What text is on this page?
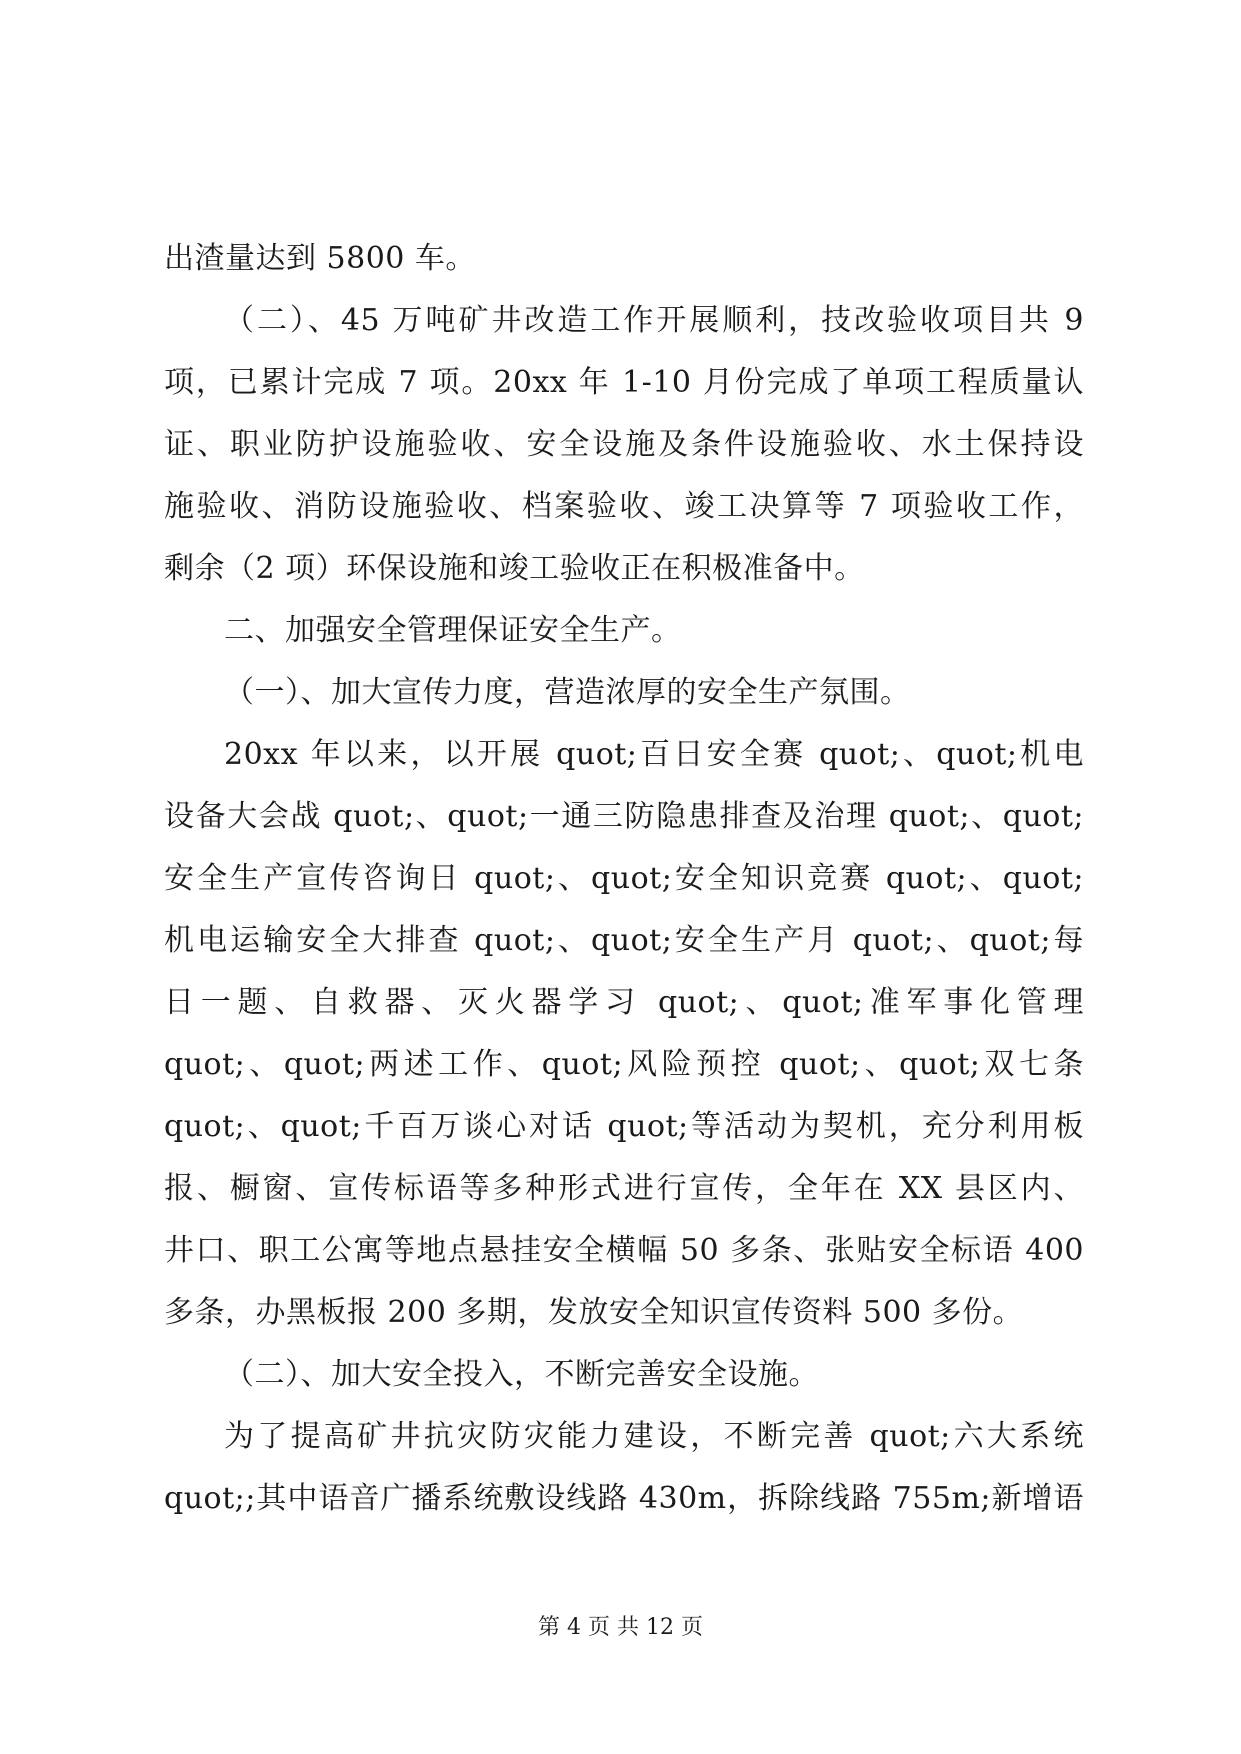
出渣量达到 5800 车。
（二）、45 万吨矿井改造工作开展顺利，技改验收项目共 9
项，已累计完成 7 项。20xx 年 1-10 月份完成了单项工程质量认
证、职业防护设施验收、安全设施及条件设施验收、水土保持设
施验收、消防设施验收、档案验收、竣工决算等 7 项验收工作，
剩余（2 项）环保设施和竣工验收正在积极准备中。
二、加强安全管理保证安全生产。
（一）、加大宣传力度，营造浓厚的安全生产氛围。
20xx 年以来，以开展 quot;百日安全赛 quot;、quot;机电
设备大会战 quot;、quot;一通三防隐患排查及治理 quot;、quot;
安全生产宣传咨询日 quot;、quot;安全知识竞赛 quot;、quot;
机电运输安全大排查 quot;、quot;安全生产月 quot;、quot;每
日一题、自救器、灭火器学习 quot;、quot;准军事化管理
quot;、quot;两述工作、quot;风险预控 quot;、quot;双七条
quot;、quot;千百万谈心对话 quot;等活动为契机，充分利用板
报、橱窗、宣传标语等多种形式进行宣传，全年在 XX 县区内、
井口、职工公寓等地点悬挂安全横幅 50 多条、张贴安全标语 400
多条，办黑板报 200 多期，发放安全知识宣传资料 500 多份。
（二）、加大安全投入，不断完善安全设施。
为了提高矿井抗灾防灾能力建设，不断完善 quot;六大系统
quot;;其中语音广播系统敷设线路 430m，拆除线路 755m;新增语
第 4 页 共 12 页
